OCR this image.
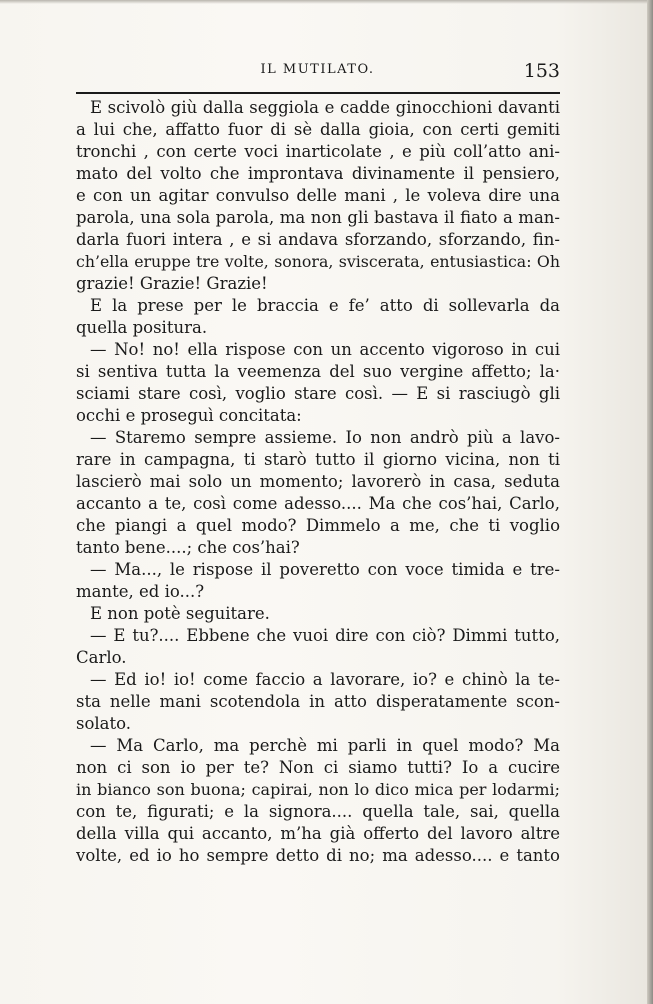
IL MUTILATO.	153
E scivolò giù dalla seggiola e cadde ginocchioni davanti
a lui che, affatto fuor di sè dalla gioia, con certi gemiti
tronchi , con certe voci inarticolate , e più coll’atto ani-
mato del volto che improntava divinamente il pensiero,
e con un agitar convulso delle mani , le voleva dire una
parola, una sola parola, ma non gli bastava il fiato a man-
darla fuori intera , e si andava sforzando, sforzando, fin-
ch’ella eruppe tre volte, sonora, sviscerata, entusiastica: Oh
grazie! Grazie! Grazie!
E la prese per le braccia e fe’ atto di sollevarla da
quella positura.
— No! no! ella rispose con un accento vigoroso in cui
si sentiva tutta la veemenza del suo vergine affetto; la·
sciami stare così, voglio stare così. — E si rasciugò gli
occhi e proseguì concitata:
— Staremo sempre assieme. Io non andrò più a lavo-
rare in campagna, ti starò tutto il giorno vicina, non ti
lascierò mai solo un momento; lavorerò in casa, seduta
accanto a te, così come adesso.... Ma che cos’hai, Carlo,
che piangi a quel modo? Dimmelo a me, che ti voglio
tanto bene....; che cos’hai?
— Ma..., le rispose il poveretto con voce timida e tre-
mante, ed io...?
E non potè seguitare.
— E tu?.... Ebbene che vuoi dire con ciò? Dimmi tutto,
Carlo.
— Ed io! io! come faccio a lavorare, io? e chinò la te-
sta nelle mani scotendola in atto disperatamente scon-
solato.
— Ma Carlo, ma perchè mi parli in quel modo? Ma
non ci son io per te? Non ci siamo tutti? Io a cucire
in bianco son buona; capirai, non lo dico mica per lodarmi;
con te, figurati; e la signora.... quella tale, sai, quella
della villa qui accanto, m’ha già offerto del lavoro altre
volte, ed io ho sempre detto di no; ma adesso.... e tanto
